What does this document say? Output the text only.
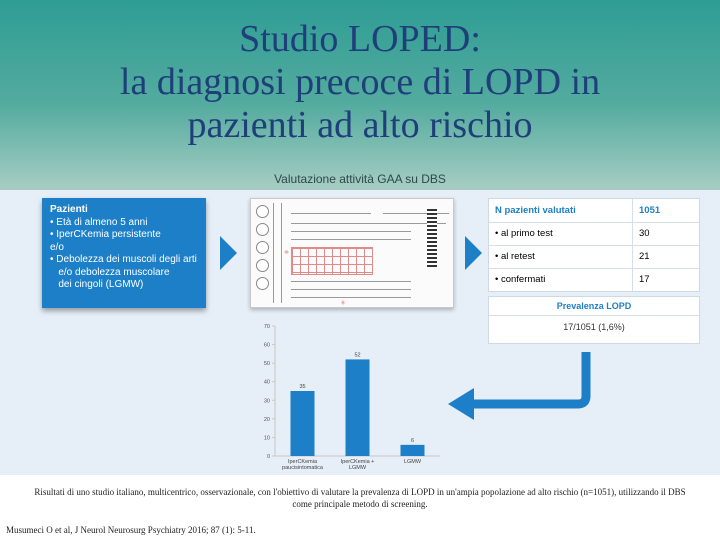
Studio LOPED:
la diagnosi precoce di LOPD in
pazienti ad alto rischio
Valutazione attività GAA su DBS
Pazienti
• Età di almeno 5 anni
• IperCKemia persistente
e/o
• Debolezza dei muscoli degli arti
e/o debolezza muscolare
dei cingoli (LGMW)
Ⓜ
Ⓜ
N pazienti valutati	1051
• al primo test	30
• al retest	21
• confermati	17
Prevalenza LOPD
17/1051 (1,6%)
0
10
20
30
40
50
60
70
35
IperCKemia paucisintomatica
52
IperCKemia + LGMW
6
LGMW
Risultati di uno studio italiano, multicentrico, osservazionale, con l'obiettivo di valutare la prevalenza di LOPD in un'ampia popolazione ad alto rischio (n=1051), utilizzando il DBS come principale metodo di screening.
Musumeci O et al, J Neurol Neurosurg Psychiatry 2016; 87 (1): 5-11.
